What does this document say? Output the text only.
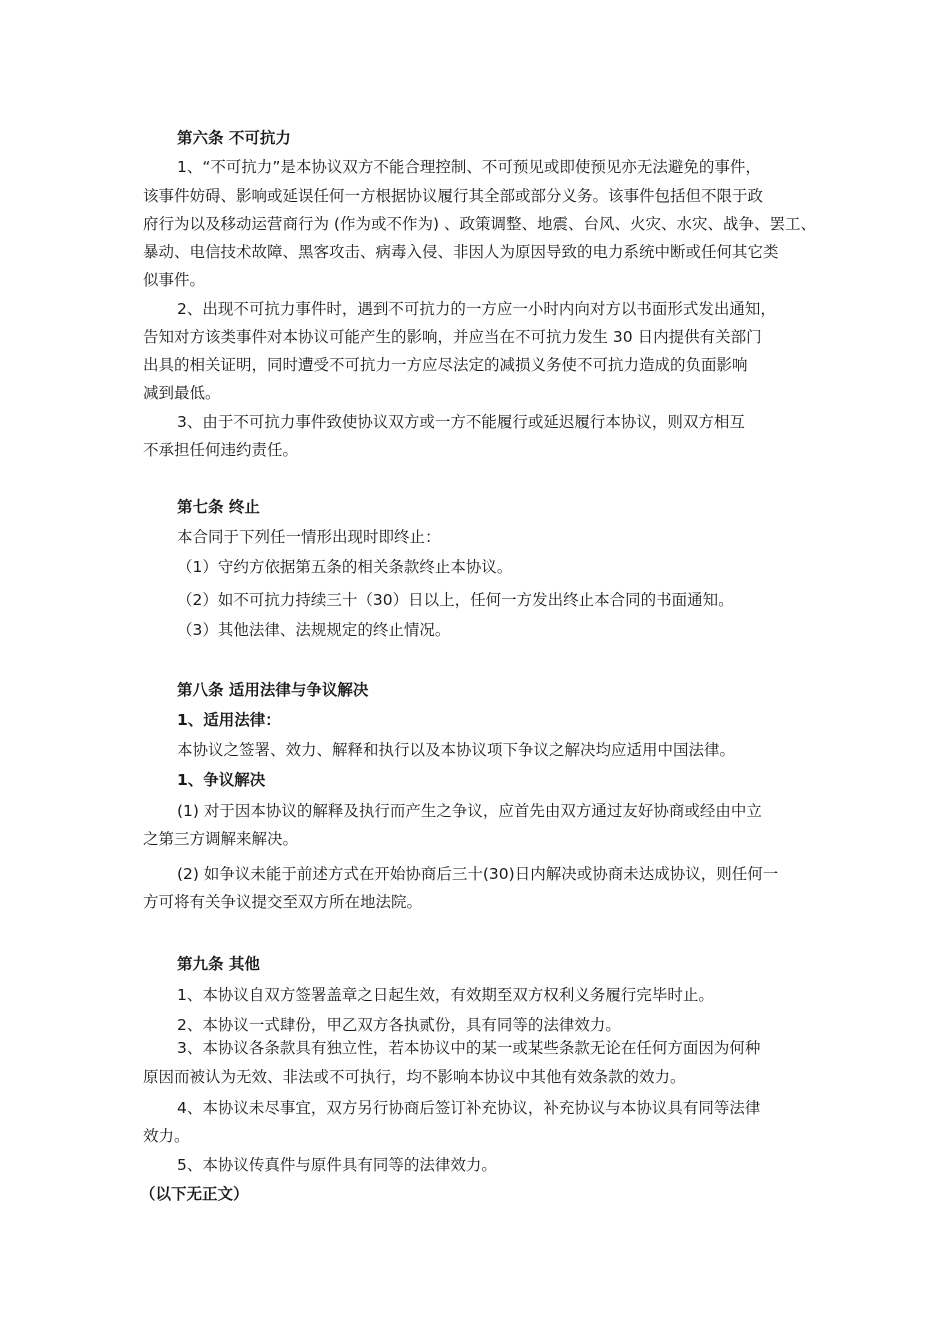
第六条 不可抗力
1、“不可抗力”是本协议双方不能合理控制、不可预见或即使预见亦无法避免的事件，
该事件妨碍、影响或延误任何一方根据协议履行其全部或部分义务。该事件包括但不限于政
府行为以及移动运营商行为 (作为或不作为) 、政策调整、地震、台风、火灾、水灾、战争、罢工、
暴动、电信技术故障、黑客攻击、病毒入侵、非因人为原因导致的电力系统中断或任何其它类
似事件。
2、出现不可抗力事件时，遇到不可抗力的一方应一小时内向对方以书面形式发出通知，
告知对方该类事件对本协议可能产生的影响，并应当在不可抗力发生 30 日内提供有关部门
出具的相关证明，同时遭受不可抗力一方应尽法定的减损义务使不可抗力造成的负面影响
减到最低。
3、由于不可抗力事件致使协议双方或一方不能履行或延迟履行本协议，则双方相互
不承担任何违约责任。
第七条 终止
本合同于下列任一情形出现时即终止：
（1）守约方依据第五条的相关条款终止本协议。
（2）如不可抗力持续三十（30）日以上，任何一方发出终止本合同的书面通知。
（3）其他法律、法规规定的终止情况。
第八条 适用法律与争议解决
1、适用法律：
本协议之签署、效力、解释和执行以及本协议项下争议之解决均应适用中国法律。
1、争议解决
(1) 对于因本协议的解释及执行而产生之争议，应首先由双方通过友好协商或经由中立
之第三方调解来解决。
(2) 如争议未能于前述方式在开始协商后三十(30)日内解决或协商未达成协议，则任何一
方可将有关争议提交至双方所在地法院。
第九条 其他
1、本协议自双方签署盖章之日起生效，有效期至双方权利义务履行完毕时止。
2、本协议一式肆份，甲乙双方各执贰份，具有同等的法律效力。
3、本协议各条款具有独立性，若本协议中的某一或某些条款无论在任何方面因为何种
原因而被认为无效、非法或不可执行，均不影响本协议中其他有效条款的效力。
4、本协议未尽事宜，双方另行协商后签订补充协议，补充协议与本协议具有同等法律
效力。
5、本协议传真件与原件具有同等的法律效力。
（以下无正文）
